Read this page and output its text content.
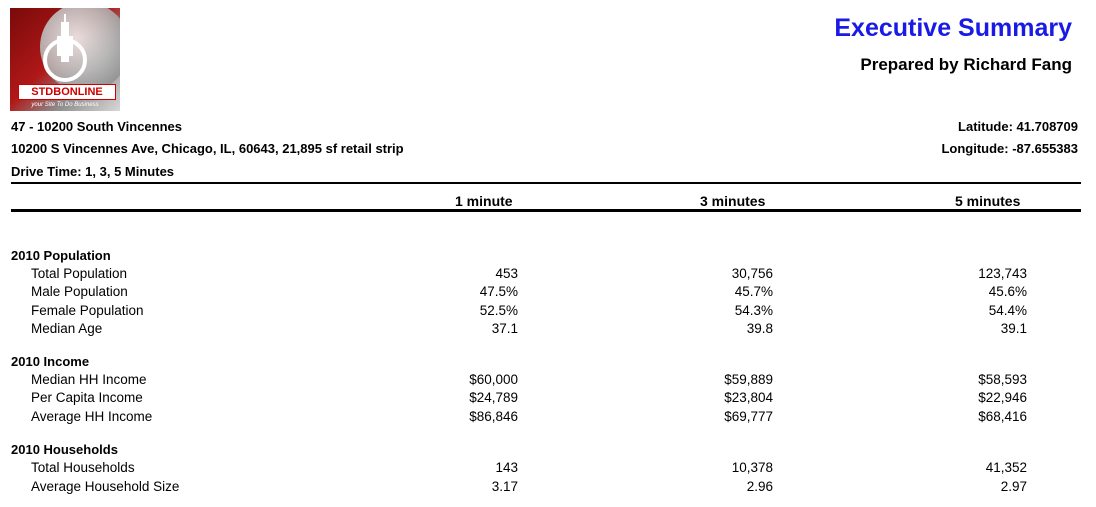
STDBONLINE
your Site To Do Business
Executive Summary
Prepared by Richard Fang
47 - 10200 South Vincennes
10200 S Vincennes Ave, Chicago, IL, 60643, 21,895 sf retail strip
Drive Time: 1, 3, 5 Minutes
Latitude: 41.708709
Longitude: -87.655383
1 minute	3 minutes	5 minutes
2010 Population
Total Population	453	30,756	123,743
Male Population	47.5%	45.7%	45.6%
Female Population	52.5%	54.3%	54.4%
Median Age	37.1	39.8	39.1
2010 Income
Median HH Income	$60,000	$59,889	$58,593
Per Capita Income	$24,789	$23,804	$22,946
Average HH Income	$86,846	$69,777	$68,416
2010 Households
Total Households	143	10,378	41,352
Average Household Size	3.17	2.96	2.97
